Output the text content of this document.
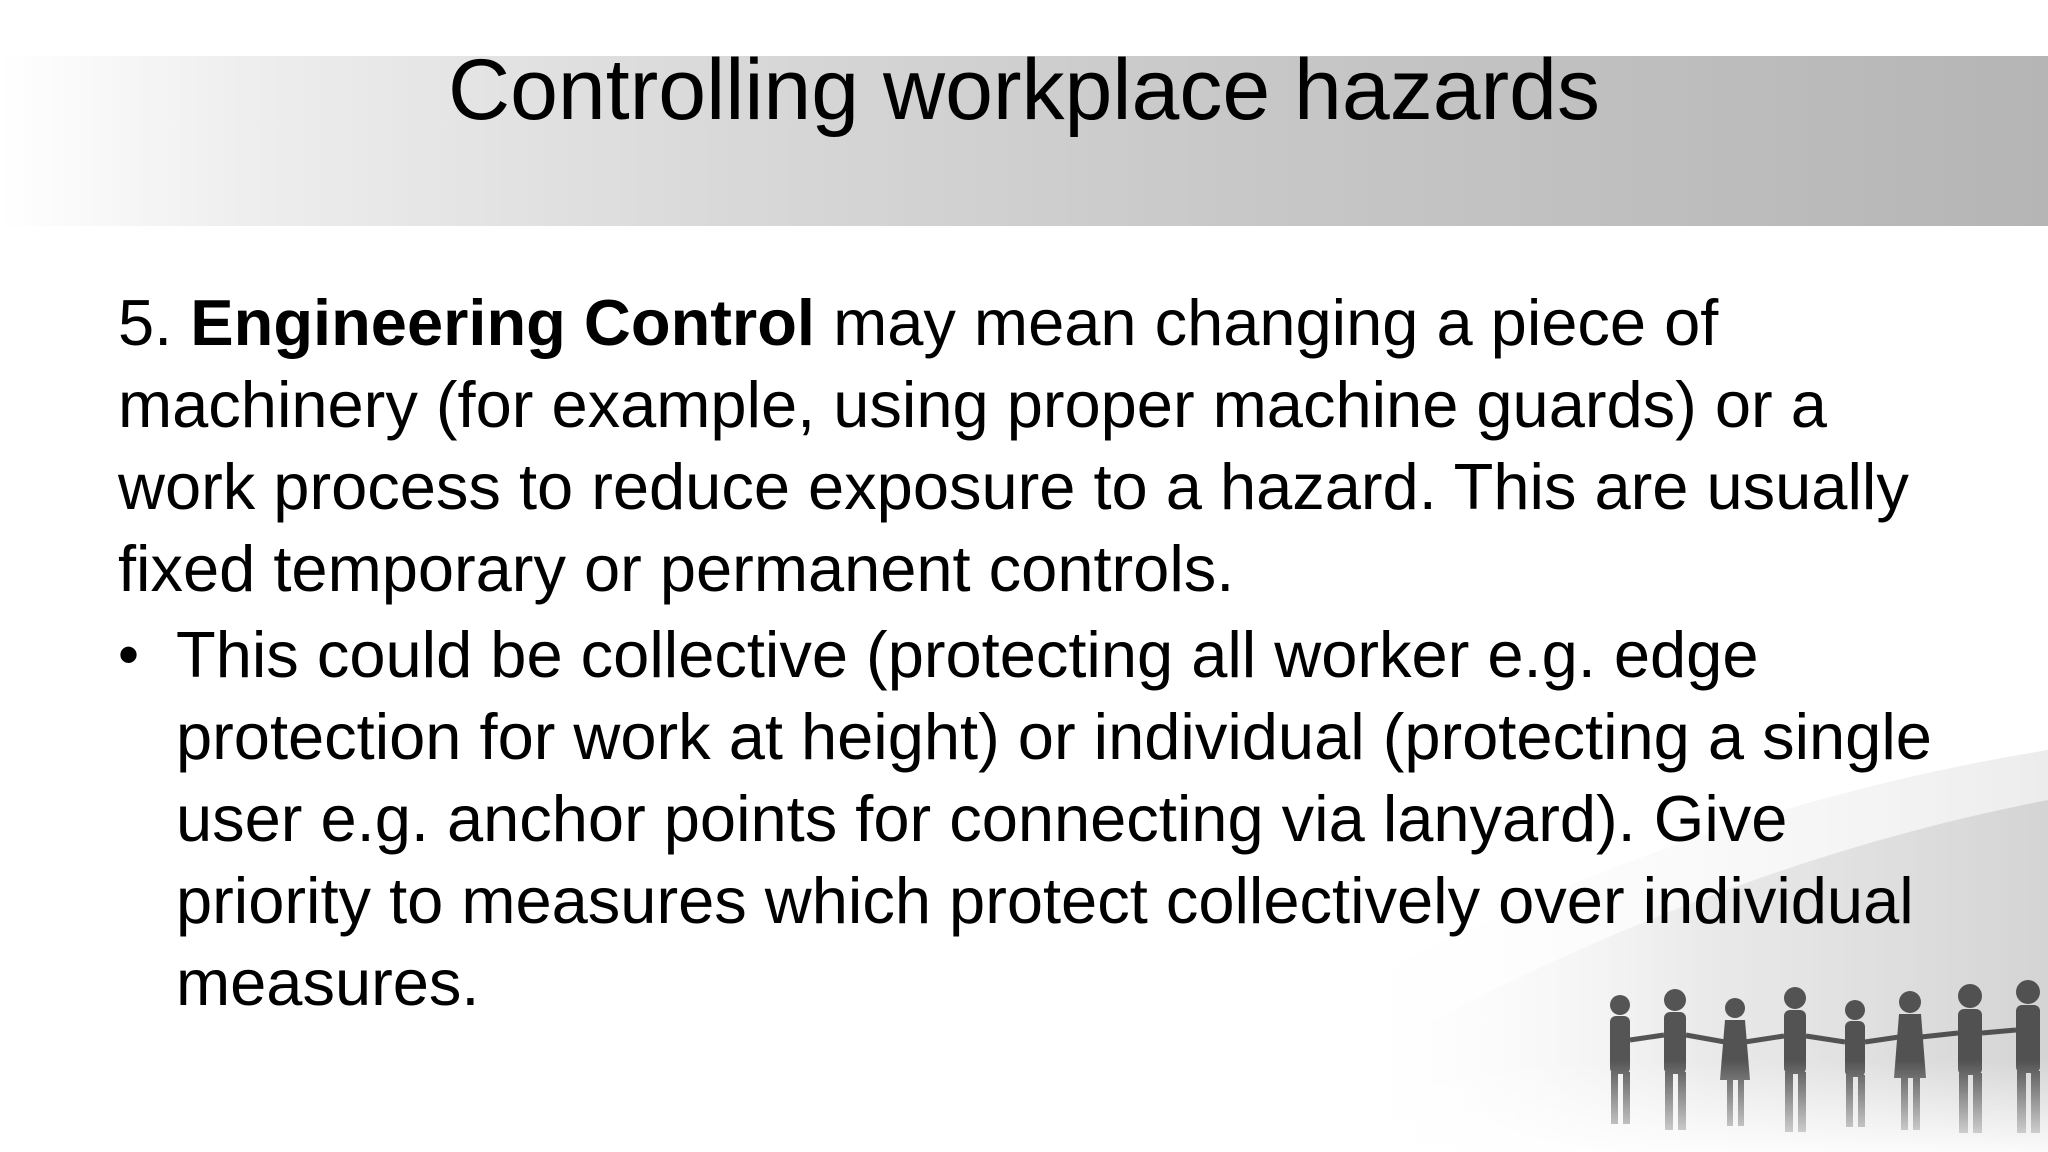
Controlling workplace hazards

5. Engineering Control may mean changing a piece of machinery (for example, using proper machine guards) or a work process to reduce exposure to a hazard. This are usually fixed temporary or permanent controls.

• This could be collective (protecting all worker e.g. edge protection for work at height) or individual (protecting a single user e.g. anchor points for connecting via lanyard). Give priority to measures which protect collectively over individual measures.
